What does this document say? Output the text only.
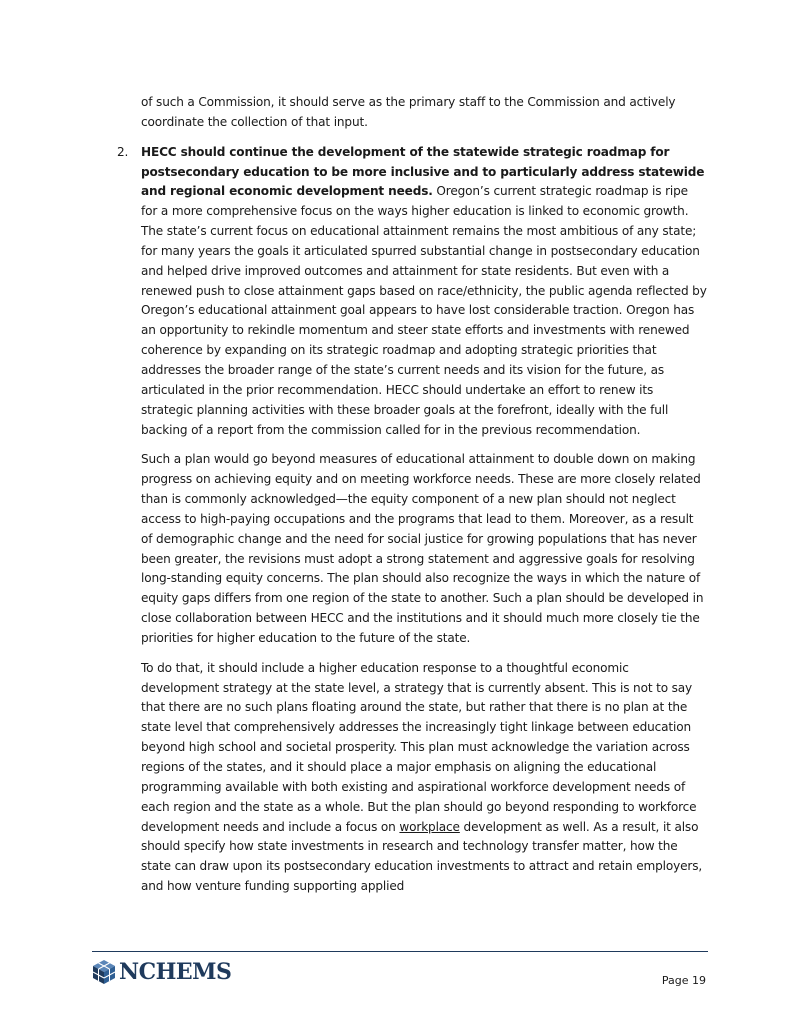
of such a Commission, it should serve as the primary staff to the Commission and actively coordinate the collection of that input.

2. HECC should continue the development of the statewide strategic roadmap for postsecondary education to be more inclusive and to particularly address statewide and regional economic development needs. Oregon’s current strategic roadmap is ripe for a more comprehensive focus on the ways higher education is linked to economic growth. The state’s current focus on educational attainment remains the most ambitious of any state; for many years the goals it articulated spurred substantial change in postsecondary education and helped drive improved outcomes and attainment for state residents. But even with a renewed push to close attainment gaps based on race/ethnicity, the public agenda reflected by Oregon’s educational attainment goal appears to have lost considerable traction. Oregon has an opportunity to rekindle momentum and steer state efforts and investments with renewed coherence by expanding on its strategic roadmap and adopting strategic priorities that addresses the broader range of the state’s current needs and its vision for the future, as articulated in the prior recommendation. HECC should undertake an effort to renew its strategic planning activities with these broader goals at the forefront, ideally with the full backing of a report from the commission called for in the previous recommendation.

Such a plan would go beyond measures of educational attainment to double down on making progress on achieving equity and on meeting workforce needs. These are more closely related than is commonly acknowledged—the equity component of a new plan should not neglect access to high-paying occupations and the programs that lead to them. Moreover, as a result of demographic change and the need for social justice for growing populations that has never been greater, the revisions must adopt a strong statement and aggressive goals for resolving long-standing equity concerns. The plan should also recognize the ways in which the nature of equity gaps differs from one region of the state to another. Such a plan should be developed in close collaboration between HECC and the institutions and it should much more closely tie the priorities for higher education to the future of the state.

To do that, it should include a higher education response to a thoughtful economic development strategy at the state level, a strategy that is currently absent. This is not to say that there are no such plans floating around the state, but rather that there is no plan at the state level that comprehensively addresses the increasingly tight linkage between education beyond high school and societal prosperity. This plan must acknowledge the variation across regions of the states, and it should place a major emphasis on aligning the educational programming available with both existing and aspirational workforce development needs of each region and the state as a whole. But the plan should go beyond responding to workforce development needs and include a focus on workplace development as well. As a result, it also should specify how state investments in research and technology transfer matter, how the state can draw upon its postsecondary education investments to attract and retain employers, and how venture funding supporting applied

NCHEMS	Page 19
